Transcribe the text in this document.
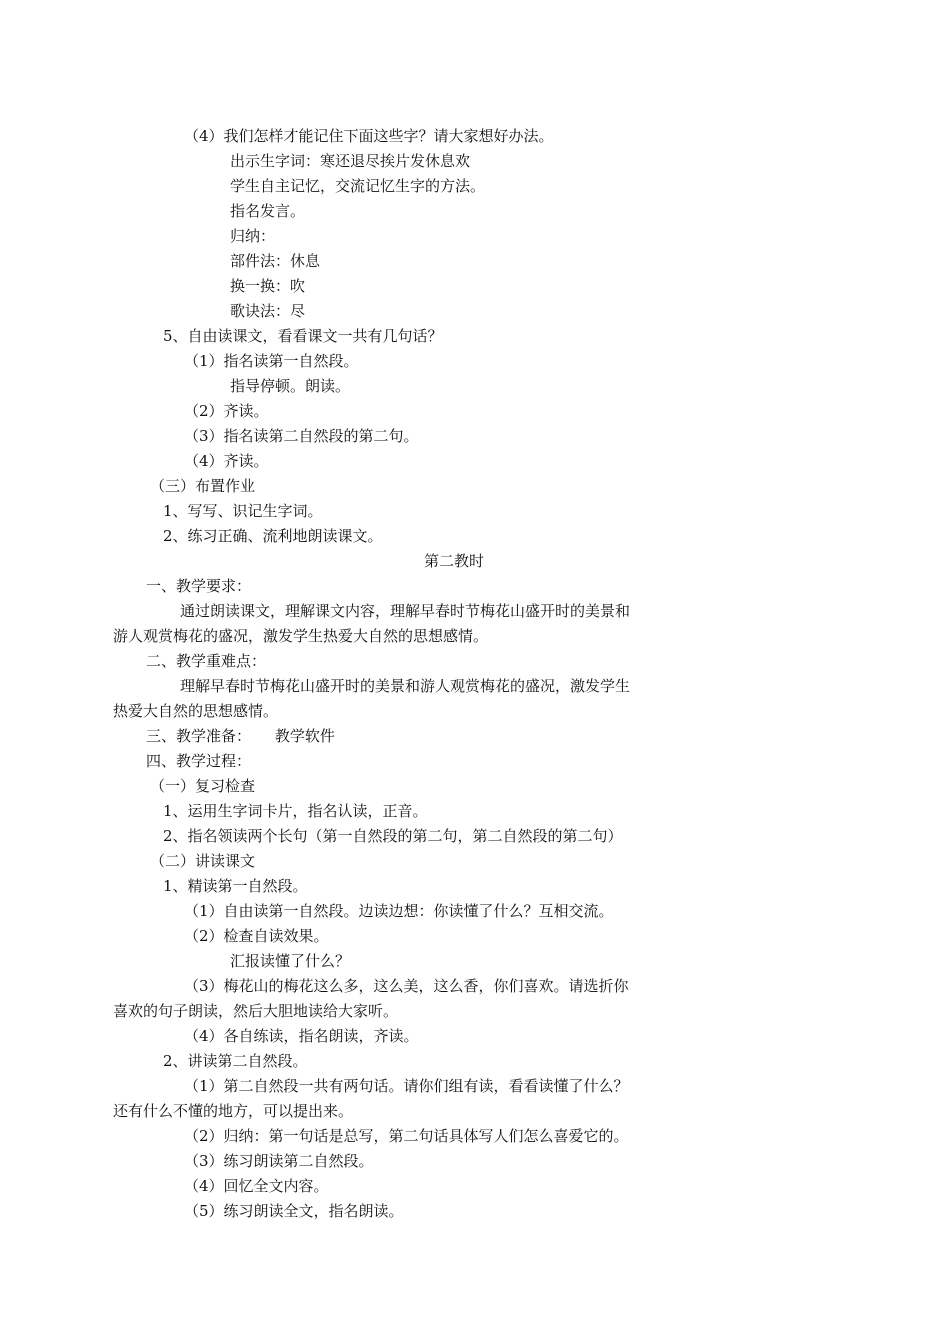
（4）我们怎样才能记住下面这些字？请大家想好办法。
出示生字词：寒还退尽挨片发休息欢
学生自主记忆，交流记忆生字的方法。
指名发言。
归纳：
部件法：休息
换一换：吹
歌诀法：尽
5、自由读课文，看看课文一共有几句话？
（1）指名读第一自然段。
指导停顿。朗读。
（2）齐读。
（3）指名读第二自然段的第二句。
（4）齐读。
（三）布置作业
1、写写、识记生字词。
2、练习正确、流利地朗读课文。
第二教时
一、教学要求：
通过朗读课文，理解课文内容，理解早春时节梅花山盛开时的美景和
游人观赏梅花的盛况，激发学生热爱大自然的思想感情。
二、教学重难点：
理解早春时节梅花山盛开时的美景和游人观赏梅花的盛况，激发学生
热爱大自然的思想感情。
三、教学准备：     教学软件
四、教学过程：
（一）复习检查
1、运用生字词卡片，指名认读，正音。
2、指名领读两个长句（第一自然段的第二句，第二自然段的第二句）
（二）讲读课文
1、精读第一自然段。
（1）自由读第一自然段。边读边想：你读懂了什么？互相交流。
（2）检查自读效果。
汇报读懂了什么？
（3）梅花山的梅花这么多，这么美，这么香，你们喜欢。请选折你
喜欢的句子朗读，然后大胆地读给大家听。
（4）各自练读，指名朗读，齐读。
2、讲读第二自然段。
（1）第二自然段一共有两句话。请你们组有读，看看读懂了什么？
还有什么不懂的地方，可以提出来。
（2）归纳：第一句话是总写，第二句话具体写人们怎么喜爱它的。
（3）练习朗读第二自然段。
（4）回忆全文内容。
（5）练习朗读全文，指名朗读。
